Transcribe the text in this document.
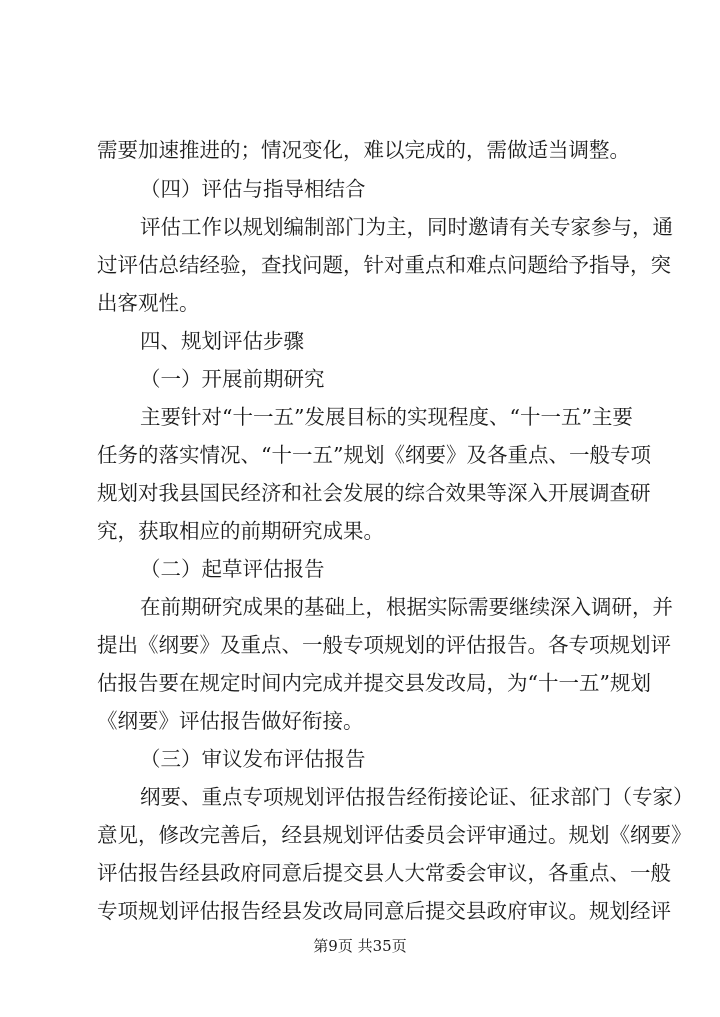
需要加速推进的；情况变化，难以完成的，需做适当调整。
（四）评估与指导相结合
评估工作以规划编制部门为主，同时邀请有关专家参与，通
过评估总结经验，查找问题，针对重点和难点问题给予指导，突
出客观性。
四、规划评估步骤
（一）开展前期研究
主要针对“十一五”发展目标的实现程度、“十一五”主要
任务的落实情况、“十一五”规划《纲要》及各重点、一般专项
规划对我县国民经济和社会发展的综合效果等深入开展调查研
究，获取相应的前期研究成果。
（二）起草评估报告
在前期研究成果的基础上，根据实际需要继续深入调研，并
提出《纲要》及重点、一般专项规划的评估报告。各专项规划评
估报告要在规定时间内完成并提交县发改局，为“十一五”规划
《纲要》评估报告做好衔接。
（三）审议发布评估报告
纲要、重点专项规划评估报告经衔接论证、征求部门（专家）
意见，修改完善后，经县规划评估委员会评审通过。规划《纲要》
评估报告经县政府同意后提交县人大常委会审议，各重点、一般
专项规划评估报告经县发改局同意后提交县政府审议。规划经评
第9页 共35页
